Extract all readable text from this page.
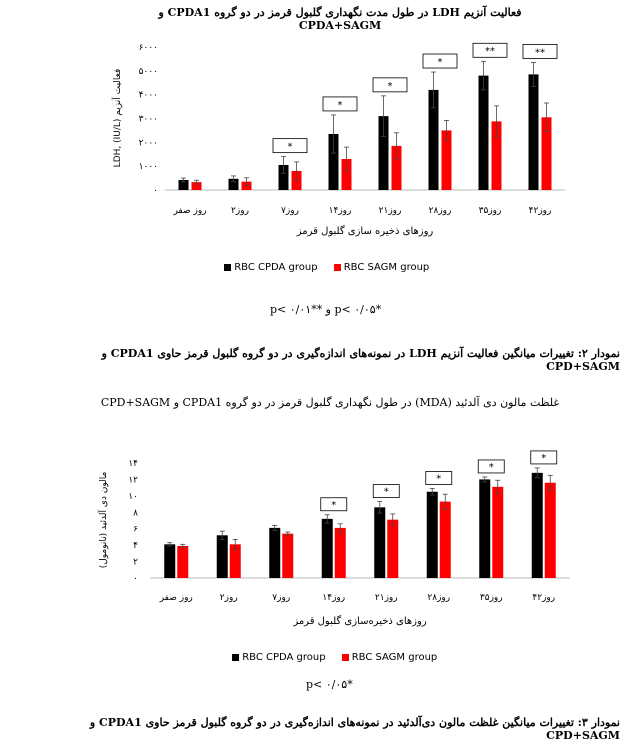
فعالیت آنزیم LDH در طول مدت نگهداری گلبول قرمز در دو گروه CPDA1 و CPDA+SAGM
۰
۱۰۰۰
۲۰۰۰
۳۰۰۰
۴۰۰۰
۵۰۰۰
۶۰۰۰
فعالیت آنزیم LDH, (IU/L)
روزهای ذخیره سازی گلبول قرمز
روز صفر	روز۲	روز۷
*
روز۱۴
*
روز۲۱
*
روز۲۸
*
روز۳۵
**
روز۴۲
**
۰
۲
۴
۶
۸
۱۰
۱۲
۱۴
مالون دی آلدئید (نانومول)
روزهای ذخیره‌سازی گلبول قرمز
روز صفر	روز۲	روز۷	روز۱۴
*
روز۲۱
*
روز۲۸
*
روز۳۵
*
روز۴۲
*
RBC CPDA group	RBC SAGM group
*p< ۰/۰۵ و **p< ۰/۰۱
نمودار ۲: تغییرات میانگین فعالیت آنزیم LDH در نمونه‌های اندازه‌گیری در دو گروه گلبول قرمز حاوی CPDA1 و CPD+SAGM
غلظت مالون دی آلدئید (MDA) در طول نگهداری گلبول قرمز در دو گروه CPDA1 و CPD+SAGM
RBC CPDA group	RBC SAGM group
*p< ۰/۰۵
نمودار ۳: تغییرات میانگین غلظت مالون دی‌آلدئید در نمونه‌های اندازه‌گیری در دو گروه گلبول قرمز حاوی CPDA1 و CPD+SAGM
